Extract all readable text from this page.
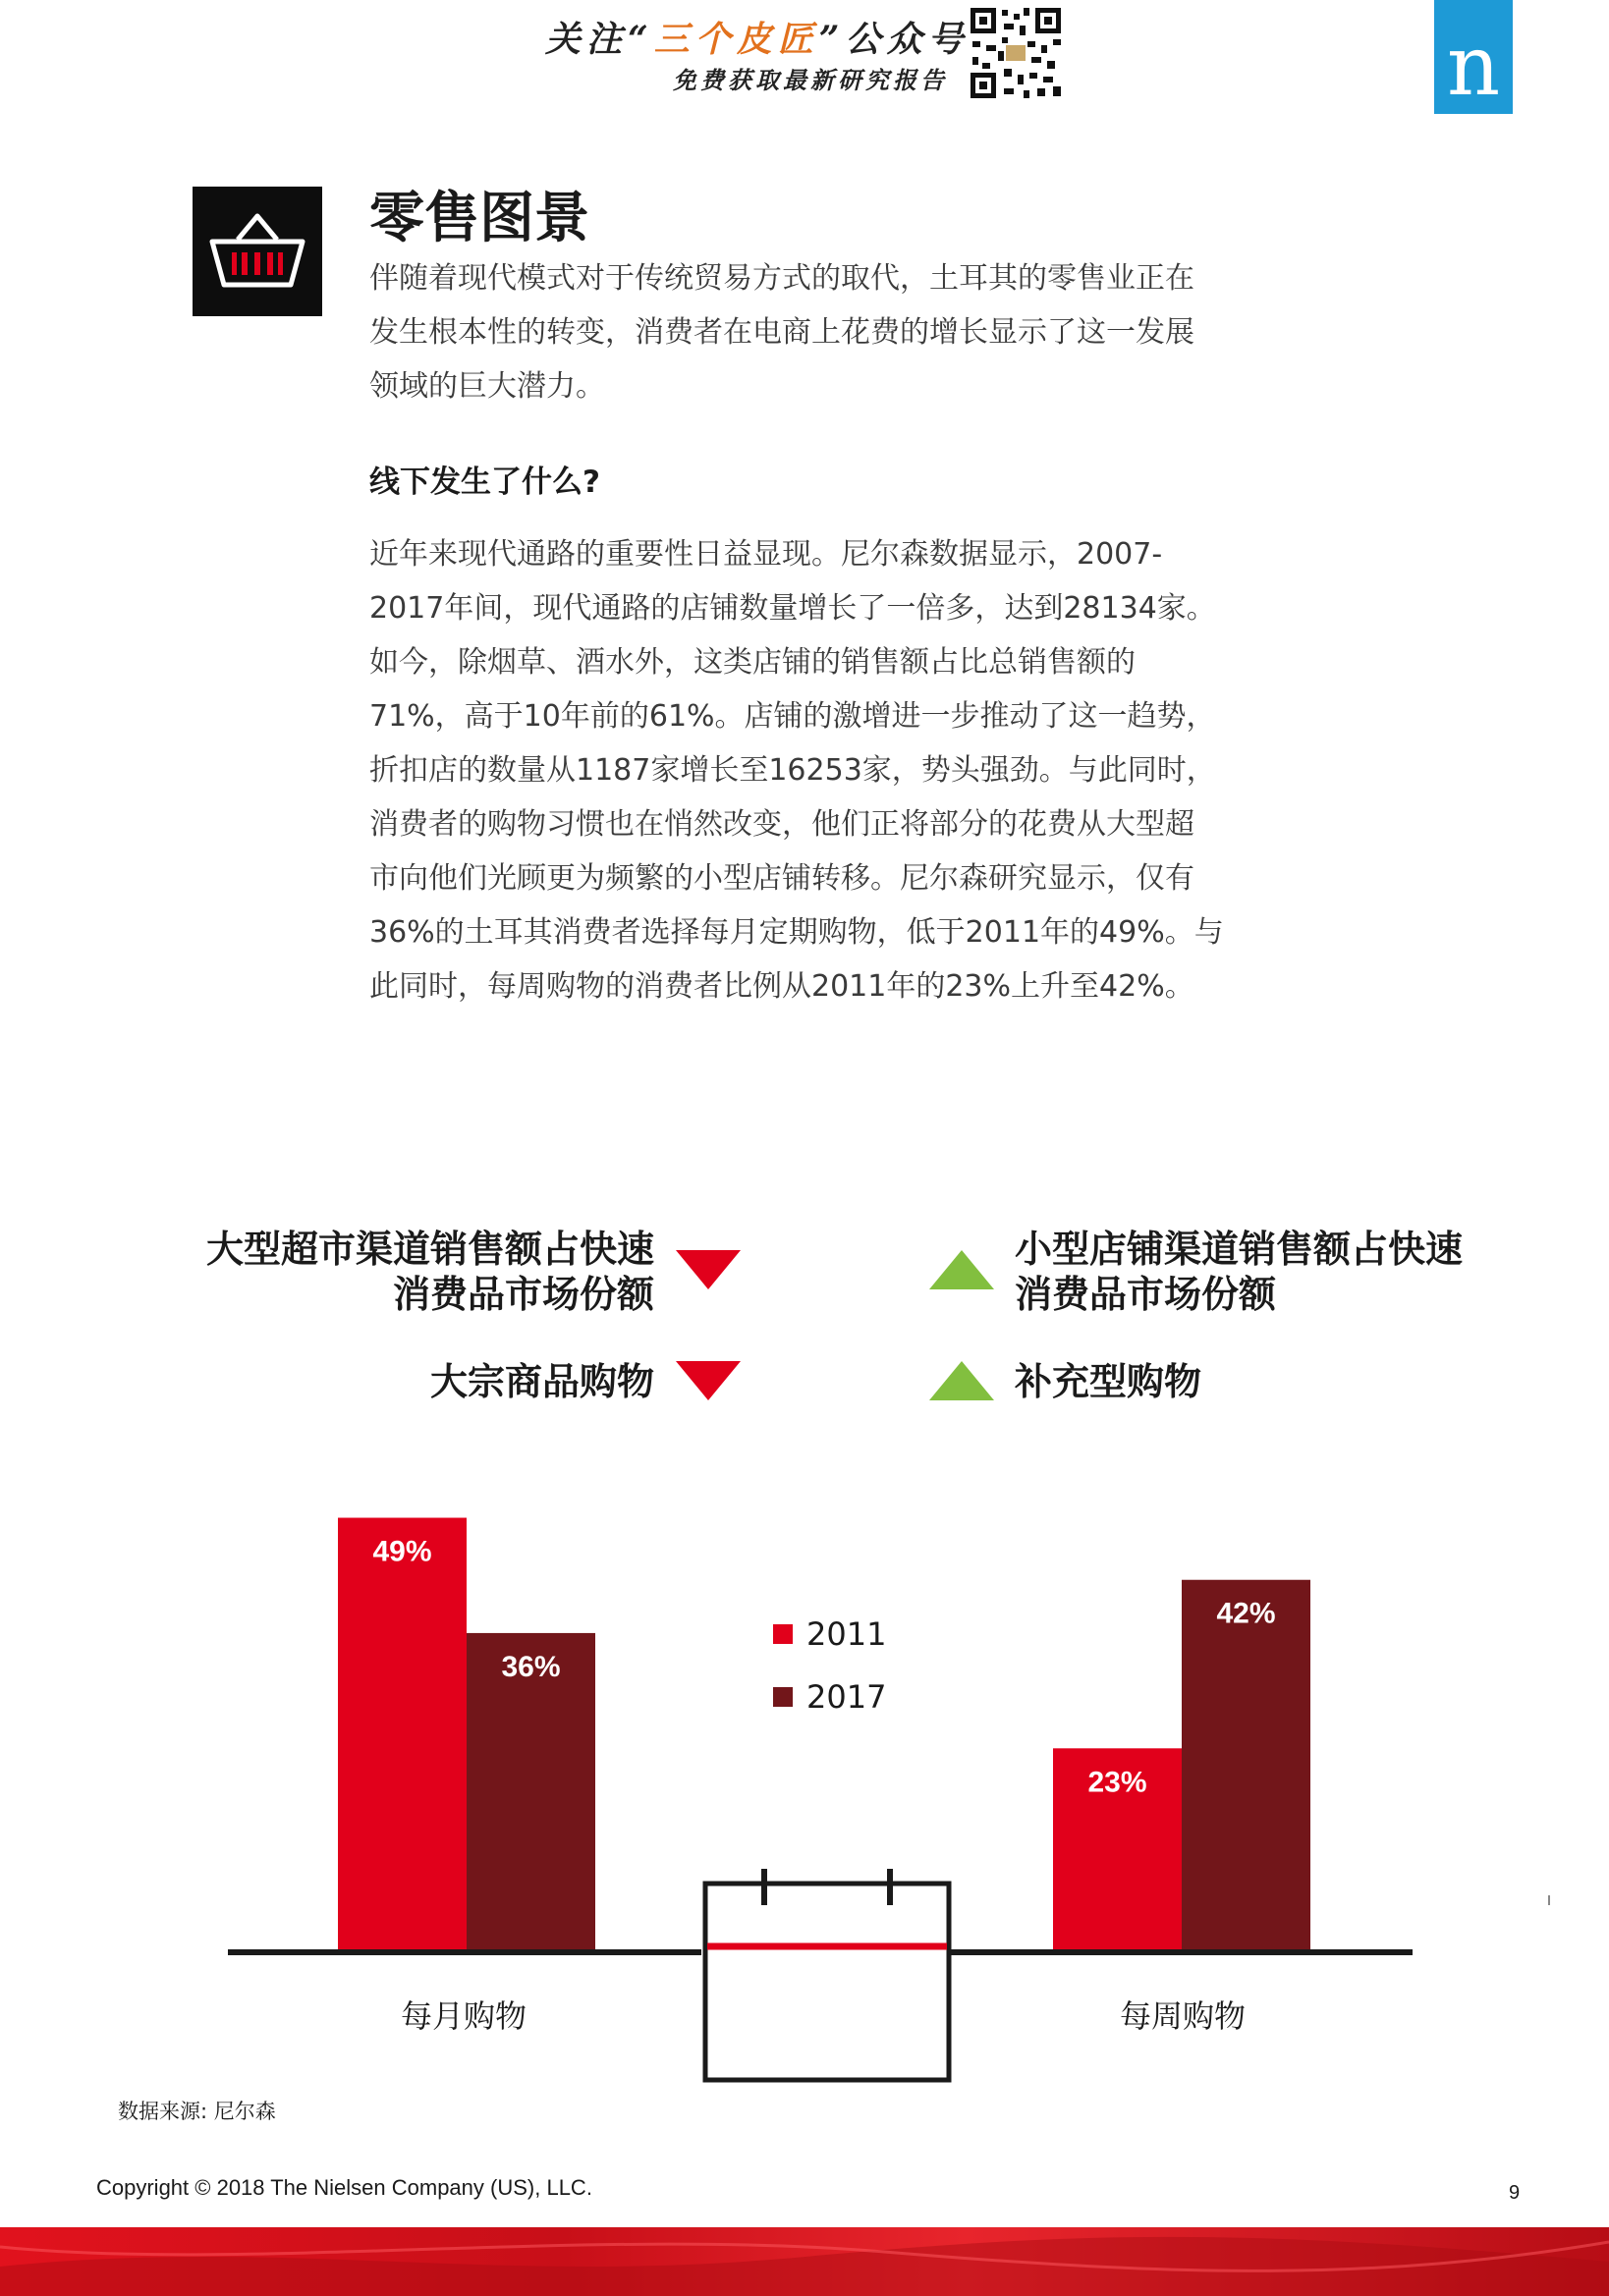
关注“三个皮匠”公众号
免费获取最新研究报告	n
零售图景
伴随着现代模式对于传统贸易方式的取代，土耳其的零售业正在
发生根本性的转变，消费者在电商上花费的增长显示了这一发展
领域的巨大潜力。
线下发生了什么?
近年来现代通路的重要性日益显现。尼尔森数据显示，2007-
2017年间，现代通路的店铺数量增长了一倍多，达到28134家。
如今，除烟草、酒水外，这类店铺的销售额占比总销售额的
71%，高于10年前的61%。店铺的激增进一步推动了这一趋势，
折扣店的数量从1187家增长至16253家，势头强劲。与此同时，
消费者的购物习惯也在悄然改变，他们正将部分的花费从大型超
市向他们光顾更为频繁的小型店铺转移。尼尔森研究显示，仅有
36%的土耳其消费者选择每月定期购物，低于2011年的49%。与
此同时，每周购物的消费者比例从2011年的23%上升至42%。
大型超市渠道销售额占快速
消费品市场份额
大宗商品购物
小型店铺渠道销售额占快速
消费品市场份额
补充型购物
49%
23%
36%
42%
每月购物	每周购物
2011
2017
数据来源: 尼尔森
Copyright © 2018 The Nielsen Company (US), LLC.	9
